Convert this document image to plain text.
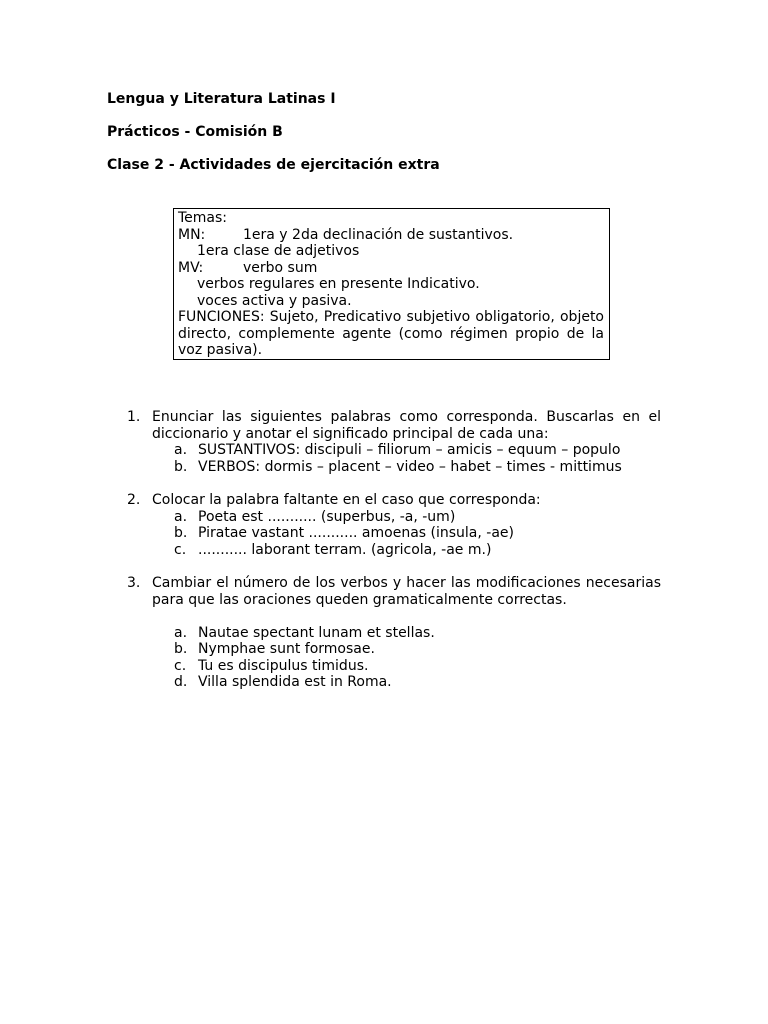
Lengua y Literatura Latinas I
Prácticos - Comisión B
Clase 2 - Actividades de ejercitación extra
Temas:
MN:	1era y 2da declinación de sustantivos.
1era clase de adjetivos
MV:	verbo sum
verbos regulares en presente Indicativo.
voces activa y pasiva.
FUNCIONES: Sujeto, Predicativo subjetivo obligatorio, objeto
directo, complemente agente (como régimen propio de la
voz pasiva).
1. Enunciar las siguientes palabras como corresponda. Buscarlas en el
diccionario y anotar el significado principal de cada una:
a. SUSTANTIVOS: discipuli – filiorum – amicis – equum – populo
b. VERBOS: dormis – placent – video – habet – times - mittimus
2. Colocar la palabra faltante en el caso que corresponda:
a. Poeta est ........... (superbus, -a, -um)
b. Piratae vastant ........... amoenas (insula, -ae)
c. ........... laborant terram. (agricola, -ae m.)
3. Cambiar el número de los verbos y hacer las modificaciones necesarias
para que las oraciones queden gramaticalmente correctas.
a. Nautae spectant lunam et stellas.
b. Nymphae sunt formosae.
c. Tu es discipulus timidus.
d. Villa splendida est in Roma.
